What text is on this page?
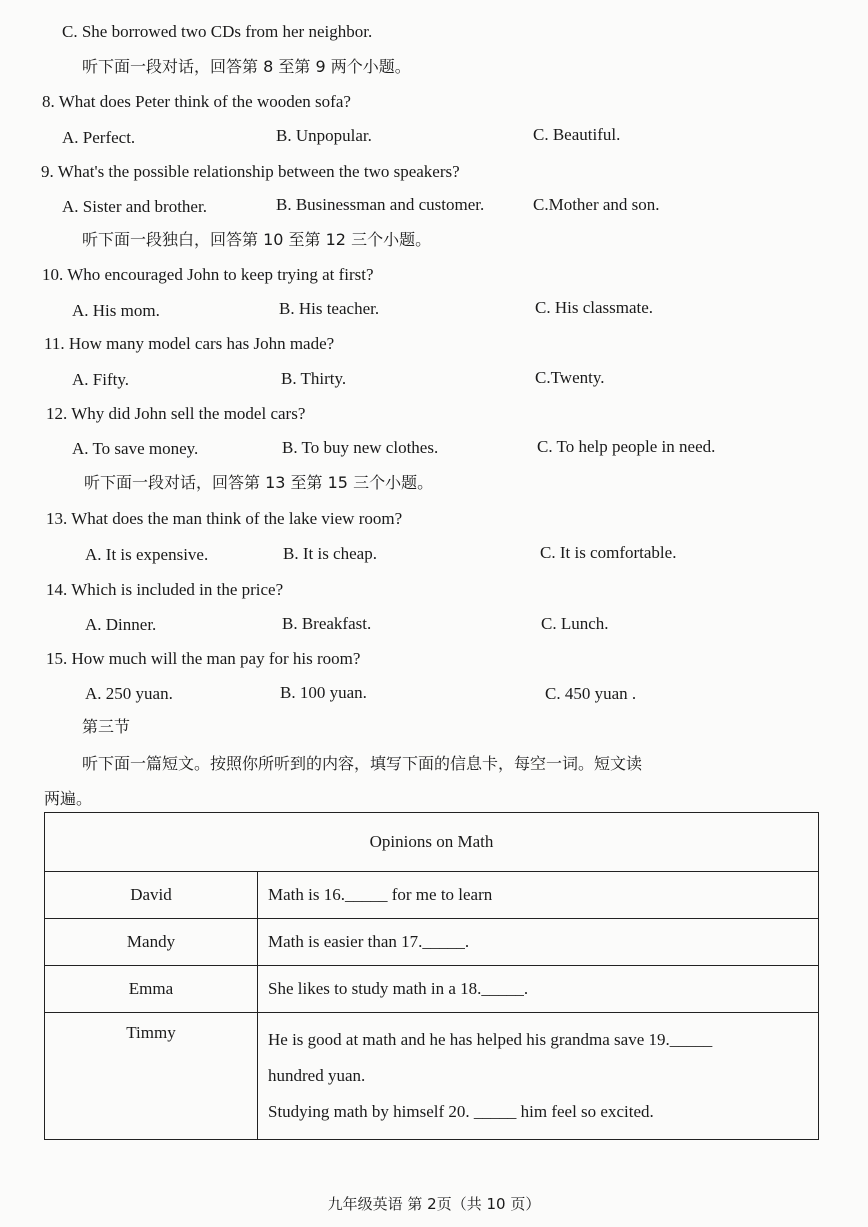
C. She borrowed two CDs from her neighbor.
听下面一段对话，回答第 8 至第 9 两个小题。
8. What does Peter think of the wooden sofa?
A. Perfect.	B. Unpopular.	C. Beautiful.
9. What's the possible relationship between the two speakers?
A. Sister and brother.	B. Businessman and customer.	C.Mother and son.
听下面一段独白，回答第 10 至第 12 三个小题。
10. Who encouraged John to keep trying at first?
A. His mom.	B. His teacher.	C. His classmate.
11. How many model cars has John made?
A. Fifty.	B. Thirty.	C.Twenty.
12. Why did John sell the model cars?
A. To save money.	B. To buy new clothes.	C. To help people in need.
听下面一段对话，回答第 13 至第 15 三个小题。
13. What does the man think of the lake view room?
A. It is expensive.	B. It is cheap.	C. It is comfortable.
14. Which is included in the price?
A. Dinner.	B. Breakfast.	C. Lunch.
15. How much will the man pay for his room?
A. 250 yuan.	B. 100 yuan.	C. 450 yuan .
第三节
听下面一篇短文。按照你所听到的内容，填写下面的信息卡，每空一词。短文读
两遍。
Opinions on Math	
David	Math is 16._____ for me to learn
Mandy	Math is easier than 17._____.
Emma	She likes to study math in a 18._____.
Timmy	He is good at math and he has helped his grandma save 19._____
hundred yuan.
Studying math by himself 20. _____ him feel so excited.
九年级英语 第 2页（共 10 页）
